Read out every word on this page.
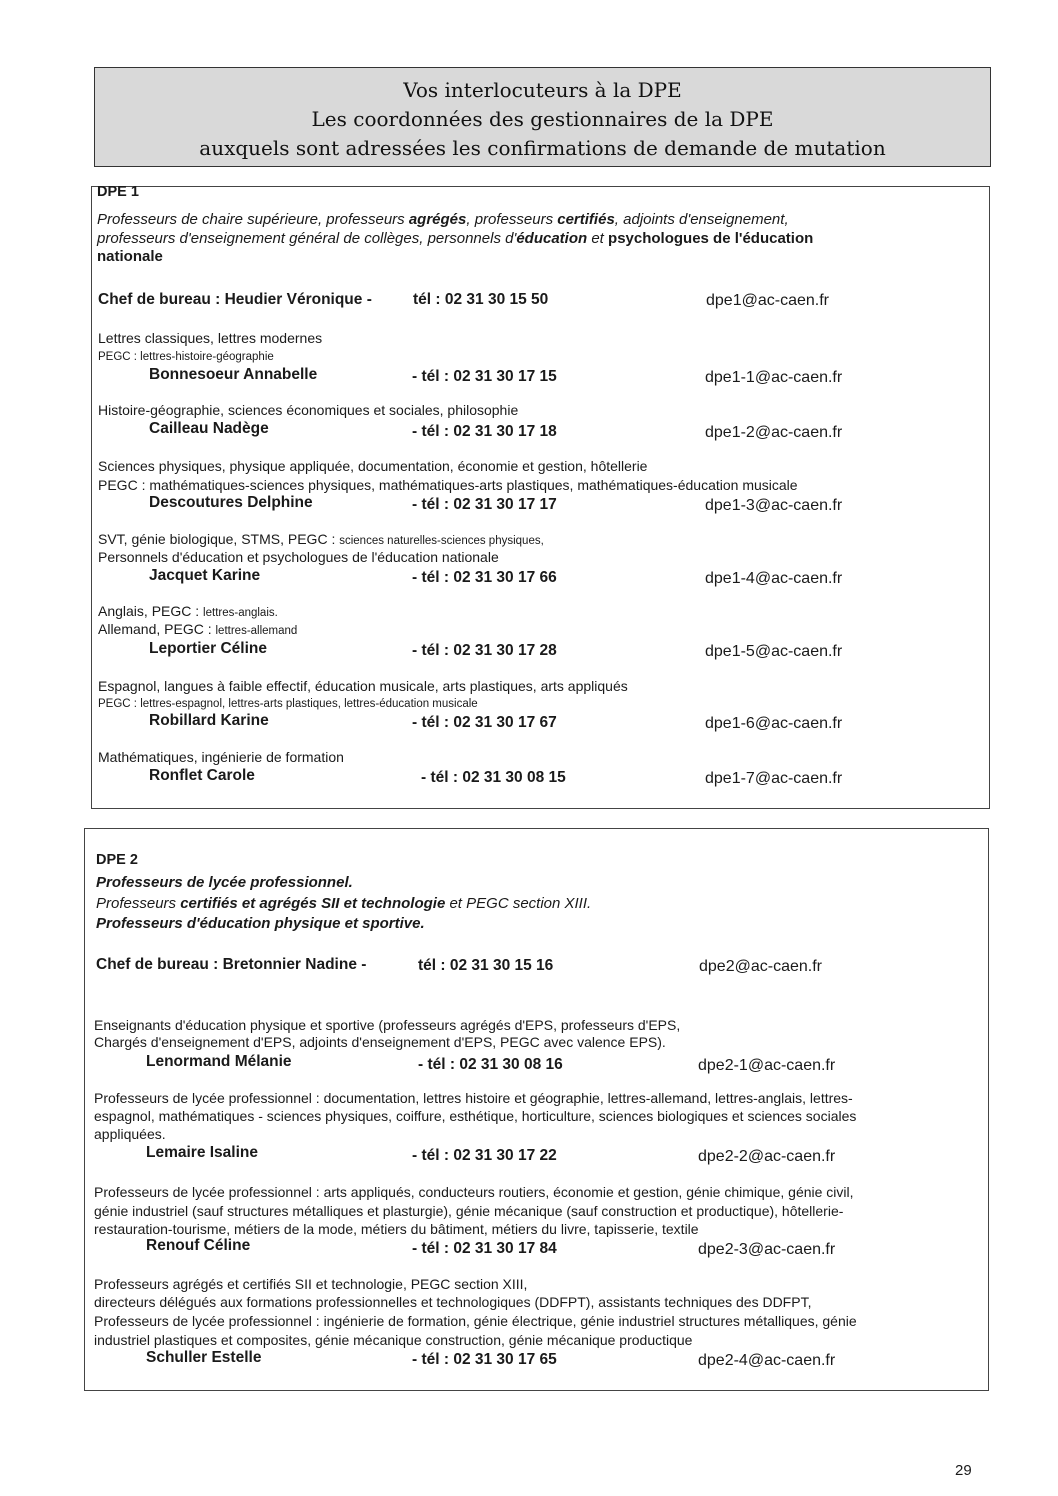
Vos interlocuteurs à la DPE
Les coordonnées des gestionnaires de la DPE
auxquels sont adressées les confirmations de demande de mutation
DPE 1
Professeurs de chaire supérieure, professeurs agrégés, professeurs certifiés, adjoints d'enseignement,
professeurs d'enseignement général de collèges, personnels d'éducation et psychologues de l'éducation
nationale
Chef de bureau : Heudier Véronique -	tél : 02 31 30 15 50	dpe1@ac-caen.fr
Lettres classiques, lettres modernes
PEGC : lettres-histoire-géographie
Bonnesoeur Annabelle	- tél : 02 31 30 17 15	dpe1-1@ac-caen.fr
Histoire-géographie, sciences économiques et sociales, philosophie
Cailleau Nadège	- tél : 02 31 30 17 18	dpe1-2@ac-caen.fr
Sciences physiques, physique appliquée, documentation, économie et gestion, hôtellerie
PEGC : mathématiques-sciences physiques, mathématiques-arts plastiques, mathématiques-éducation musicale
Descoutures Delphine	- tél : 02 31 30 17 17	dpe1-3@ac-caen.fr
SVT, génie biologique, STMS, PEGC : sciences naturelles-sciences physiques,
Personnels d'éducation et psychologues de l'éducation nationale
Jacquet Karine	- tél : 02 31 30 17 66	dpe1-4@ac-caen.fr
Anglais, PEGC : lettres-anglais.
Allemand, PEGC : lettres-allemand
Leportier Céline	- tél : 02 31 30 17 28	dpe1-5@ac-caen.fr
Espagnol, langues à faible effectif, éducation musicale, arts plastiques, arts appliqués
PEGC : lettres-espagnol, lettres-arts plastiques, lettres-éducation musicale
Robillard Karine	- tél : 02 31 30 17 67	dpe1-6@ac-caen.fr
Mathématiques, ingénierie de formation
Ronflet Carole	- tél : 02 31 30 08 15	dpe1-7@ac-caen.fr
DPE 2
Professeurs de lycée professionnel.
Professeurs certifiés et agrégés SII et technologie et PEGC section XIII.
Professeurs d'éducation physique et sportive.
Chef de bureau : Bretonnier Nadine -	tél : 02 31 30 15 16	dpe2@ac-caen.fr
Enseignants d'éducation physique et sportive (professeurs agrégés d'EPS, professeurs d'EPS,
Chargés d'enseignement d'EPS, adjoints d'enseignement d'EPS, PEGC avec valence EPS).
Lenormand Mélanie	- tél : 02 31 30 08 16	dpe2-1@ac-caen.fr
Professeurs de lycée professionnel : documentation, lettres histoire et géographie, lettres-allemand, lettres-anglais, lettres-
espagnol, mathématiques - sciences physiques, coiffure, esthétique, horticulture, sciences biologiques et sciences sociales
appliquées.
Lemaire Isaline	- tél : 02 31 30 17 22	dpe2-2@ac-caen.fr
Professeurs de lycée professionnel : arts appliqués, conducteurs routiers, économie et gestion, génie chimique, génie civil,
génie industriel (sauf structures métalliques et plasturgie), génie mécanique (sauf construction et productique), hôtellerie-
restauration-tourisme, métiers de la mode, métiers du bâtiment, métiers du livre, tapisserie, textile
Renouf Céline	- tél : 02 31 30 17 84	dpe2-3@ac-caen.fr
Professeurs agrégés et certifiés SII et technologie, PEGC section XIII,
directeurs délégués aux formations professionnelles et technologiques (DDFPT), assistants techniques des DDFPT,
Professeurs de lycée professionnel : ingénierie de formation, génie électrique, génie industriel structures métalliques, génie
industriel plastiques et composites, génie mécanique construction, génie mécanique productique
Schuller Estelle	- tél : 02 31 30 17 65	dpe2-4@ac-caen.fr
29
